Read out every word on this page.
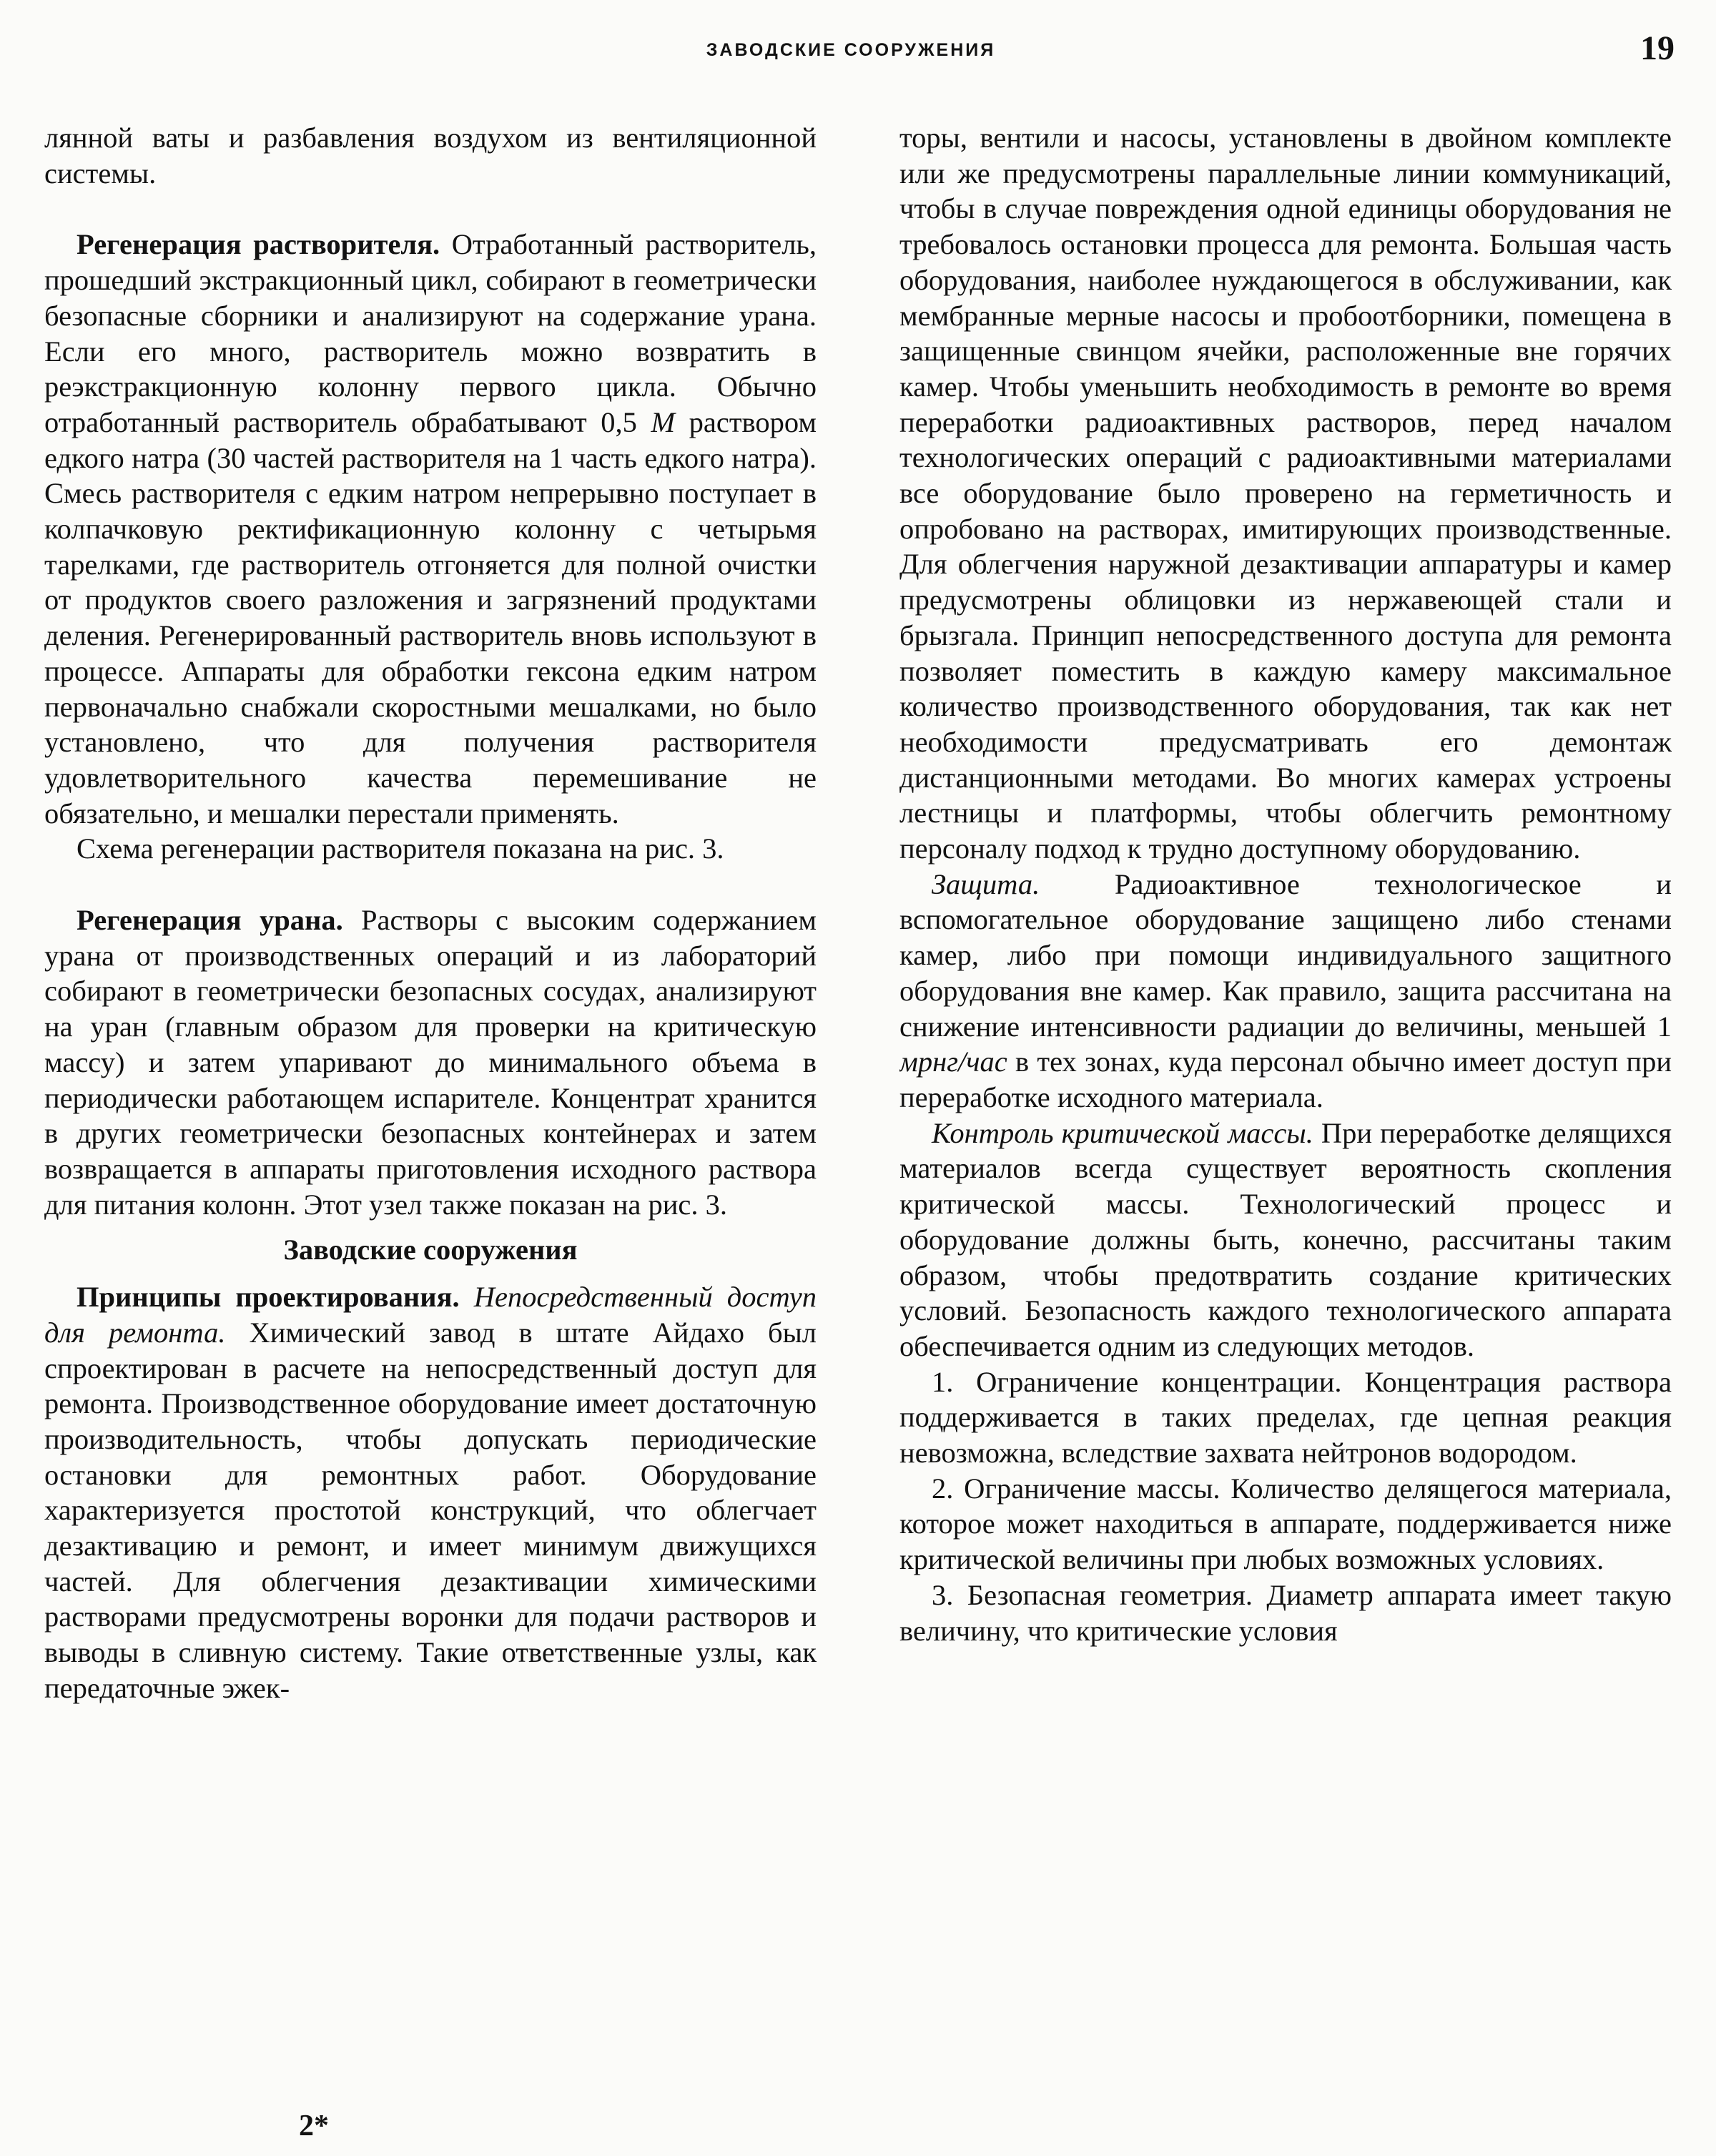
ЗАВОДСКИЕ СООРУЖЕНИЯ	19

лянной ваты и разбавления воздухом из вентиляционной системы.

Регенерация растворителя. Отработанный растворитель, прошедший экстракционный цикл, собирают в геометрически безопасные сборники и анализируют на содержание урана. Если его много, растворитель можно возвратить в реэкстракционную колонну первого цикла. Обычно отработанный растворитель обрабатывают 0,5 М раствором едкого натра (30 частей растворителя на 1 часть едкого натра). Смесь растворителя с едким натром непрерывно поступает в колпачковую ректификационную колонну с четырьмя тарелками, где растворитель отгоняется для полной очистки от продуктов своего разложения и загрязнений продуктами деления. Регенерированный растворитель вновь используют в процессе. Аппараты для обработки гексона едким натром первоначально снабжали скоростными мешалками, но было установлено, что для получения растворителя удовлетворительного качества перемешивание не обязательно, и мешалки перестали применять.

Схема регенерации растворителя показана на рис. 3.

Регенерация урана. Растворы с высоким содержанием урана от производственных операций и из лабораторий собирают в геометрически безопасных сосудах, анализируют на уран (главным образом для проверки на критическую массу) и затем упаривают до минимального объема в периодически работающем испарителе. Концентрат хранится в других геометрически безопасных контейнерах и затем возвращается в аппараты приготовления исходного раствора для питания колонн. Этот узел также показан на рис. 3.

Заводские сооружения

Принципы проектирования. Непосредственный доступ для ремонта. Химический завод в штате Айдахо был спроектирован в расчете на непосредственный доступ для ремонта. Производственное оборудование имеет достаточную производительность, чтобы допускать периодические остановки для ремонтных работ. Оборудование характеризуется простотой конструкций, что облегчает дезактивацию и ремонт, и имеет минимум движущихся частей. Для облегчения дезактивации химическими растворами предусмотрены воронки для подачи растворов и выводы в сливную систему. Такие ответственные узлы, как передаточные эжек-

торы, вентили и насосы, установлены в двойном комплекте или же предусмотрены параллельные линии коммуникаций, чтобы в случае повреждения одной единицы оборудования не требовалось остановки процесса для ремонта. Большая часть оборудования, наиболее нуждающегося в обслуживании, как мембранные мерные насосы и пробоотборники, помещена в защищенные свинцом ячейки, расположенные вне горячих камер. Чтобы уменьшить необходимость в ремонте во время переработки радиоактивных растворов, перед началом технологических операций с радиоактивными материалами все оборудование было проверено на герметичность и опробовано на растворах, имитирующих производственные. Для облегчения наружной дезактивации аппаратуры и камер предусмотрены облицовки из нержавеющей стали и брызгала. Принцип непосредственного доступа для ремонта позволяет поместить в каждую камеру максимальное количество производственного оборудования, так как нет необходимости предусматривать его демонтаж дистанционными методами. Во многих камерах устроены лестницы и платформы, чтобы облегчить ремонтному персоналу подход к трудно доступному оборудованию.

Защита. Радиоактивное технологическое и вспомогательное оборудование защищено либо стенами камер, либо при помощи индивидуального защитного оборудования вне камер. Как правило, защита рассчитана на снижение интенсивности радиации до величины, меньшей 1 мрнг/час в тех зонах, куда персонал обычно имеет доступ при переработке исходного материала.

Контроль критической массы. При переработке делящихся материалов всегда существует вероятность скопления критической массы. Технологический процесс и оборудование должны быть, конечно, рассчитаны таким образом, чтобы предотвратить создание критических условий. Безопасность каждого технологического аппарата обеспечивается одним из следующих методов.

1. Ограничение концентрации. Концентрация раствора поддерживается в таких пределах, где цепная реакция невозможна, вследствие захвата нейтронов водородом.

2. Ограничение массы. Количество делящегося материала, которое может находиться в аппарате, поддерживается ниже критической величины при любых возможных условиях.

3. Безопасная геометрия. Диаметр аппарата имеет такую величину, что критические условия

2*
